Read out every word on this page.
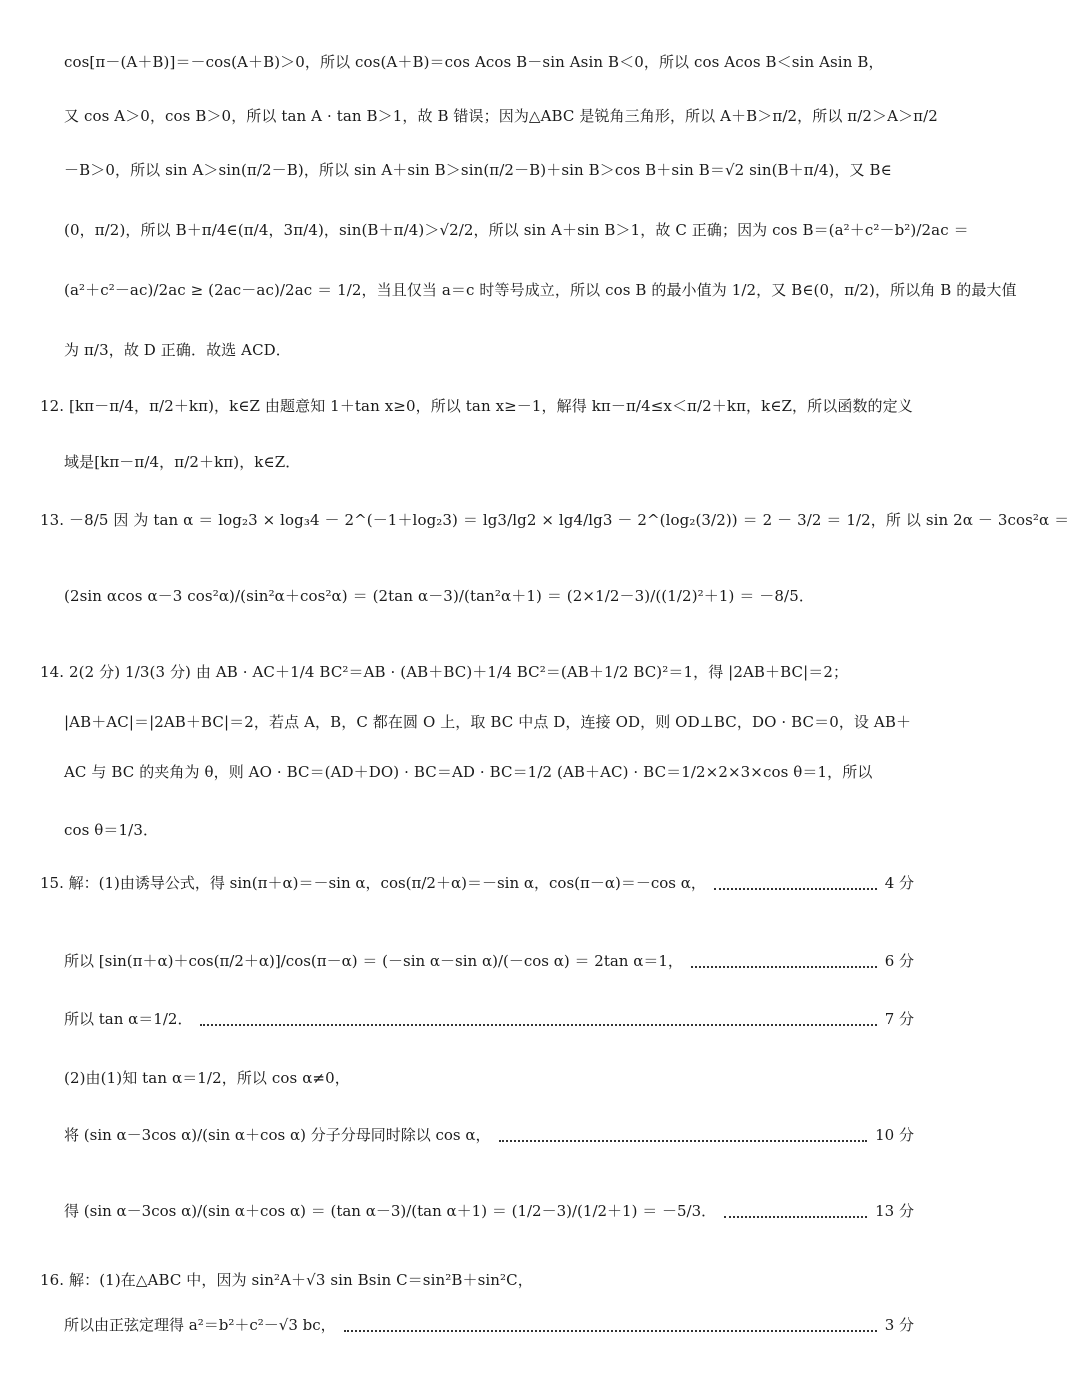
cos[π－(A＋B)]＝－cos(A＋B)＞0，所以 cos(A＋B)＝cos Acos B－sin Asin B＜0，所以 cos Acos B＜sin Asin B，
又 cos A＞0，cos B＞0，所以 tan A · tan B＞1，故 B 错误；因为△ABC 是锐角三角形，所以 A＋B＞π/2，所以 π/2＞A＞π/2
－B＞0，所以 sin A＞sin(π/2－B)，所以 sin A＋sin B＞sin(π/2－B)＋sin B＞cos B＋sin B＝√2 sin(B＋π/4)，又 B∈
(0，π/2)，所以 B＋π/4∈(π/4，3π/4)，sin(B＋π/4)＞√2/2，所以 sin A＋sin B＞1，故 C 正确；因为 cos B＝(a²＋c²－b²)/2ac ＝
(a²＋c²－ac)/2ac ≥ (2ac－ac)/2ac ＝ 1/2，当且仅当 a＝c 时等号成立，所以 cos B 的最小值为 1/2，又 B∈(0，π/2)，所以角 B 的最大值
为 π/3，故 D 正确．故选 ACD．
12. [kπ－π/4，π/2＋kπ)，k∈Z 由题意知 1＋tan x≥0，所以 tan x≥－1，解得 kπ－π/4≤x＜π/2＋kπ，k∈Z，所以函数的定义
域是[kπ－π/4，π/2＋kπ)，k∈Z．
13. －8/5 因 为 tan α ＝ log₂3 × log₃4 － 2^(－1＋log₂3) ＝ lg3/lg2 × lg4/lg3 － 2^(log₂(3/2)) ＝ 2 － 3/2 ＝ 1/2，所 以 sin 2α － 3cos²α ＝
(2sin αcos α－3 cos²α)/(sin²α＋cos²α) ＝ (2tan α－3)/(tan²α＋1) ＝ (2×1/2－3)/((1/2)²＋1) ＝ －8/5．
14. 2(2 分) 1/3(3 分) 由 AB · AC＋1/4 BC²＝AB · (AB＋BC)＋1/4 BC²＝(AB＋1/2 BC)²＝1，得 |2AB＋BC|＝2；
|AB＋AC|＝|2AB＋BC|＝2，若点 A，B，C 都在圆 O 上，取 BC 中点 D，连接 OD，则 OD⊥BC，DO · BC＝0，设 AB＋
AC 与 BC 的夹角为 θ，则 AO · BC＝(AD＋DO) · BC＝AD · BC＝1/2 (AB＋AC) · BC＝1/2×2×3×cos θ＝1，所以
cos θ＝1/3．
15. 解：(1)由诱导公式，得 sin(π＋α)＝－sin α，cos(π/2＋α)＝－sin α，cos(π－α)＝－cos α，	4 分
所以 [sin(π＋α)＋cos(π/2＋α)]/cos(π－α) ＝ (－sin α－sin α)/(－cos α) ＝ 2tan α＝1，	6 分
所以 tan α＝1/2．	7 分
(2)由(1)知 tan α＝1/2，所以 cos α≠0，
将 (sin α－3cos α)/(sin α＋cos α) 分子分母同时除以 cos α，	10 分
得 (sin α－3cos α)/(sin α＋cos α) ＝ (tan α－3)/(tan α＋1) ＝ (1/2－3)/(1/2＋1) ＝ －5/3．	13 分
16. 解：(1)在△ABC 中，因为 sin²A＋√3 sin Bsin C＝sin²B＋sin²C，
所以由正弦定理得 a²＝b²＋c²－√3 bc，	3 分
